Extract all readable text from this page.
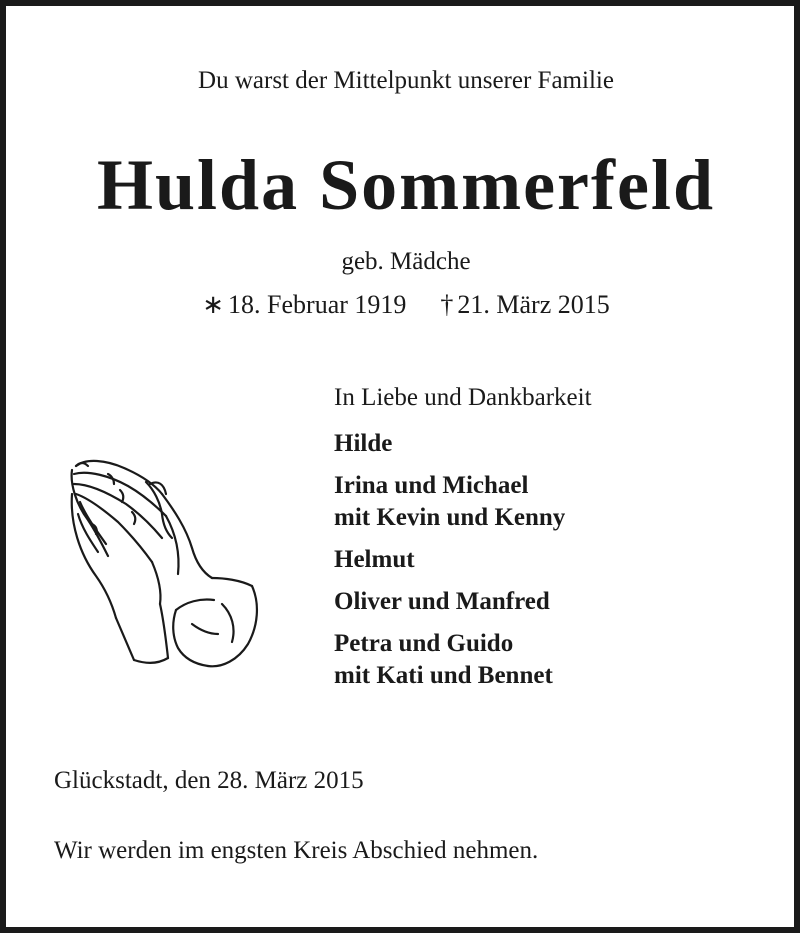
Du warst der Mittelpunkt unserer Familie
Hulda Sommerfeld
geb. Mädche
∗ 18. Februar 1919 † 21. März 2015
In Liebe und Dankbarkeit
Hilde
Irina und Michael
mit Kevin und Kenny
Helmut
Oliver und Manfred
Petra und Guido
mit Kati und Bennet
Glückstadt, den 28. März 2015
Wir werden im engsten Kreis Abschied nehmen.
